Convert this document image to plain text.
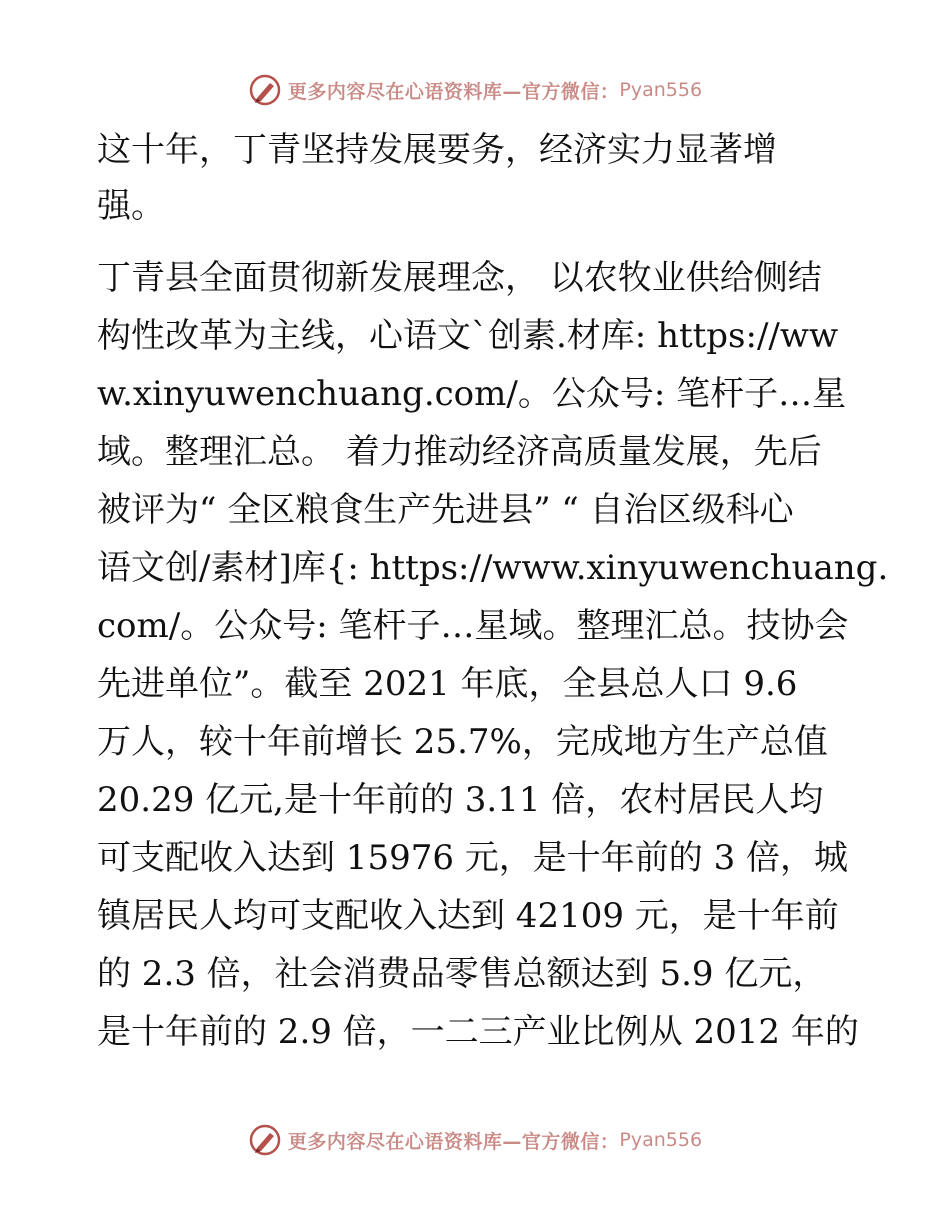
更多内容尽在心语资料库—官方微信： Pyan556
这十年，丁青坚持发展要务，经济实力显著增
强。
丁青县全面贯彻新发展理念， 以农牧业供给侧结
构性改革为主线，心语文`创素.材库: https://ww
w.xinyuwenchuang.com/。公众号: 笔杆子…星
域。整理汇总。 着力推动经济高质量发展，先后
被评为“ 全区粮食生产先进县” “ 自治区级科心
语文创/素材]库{: https://www.xinyuwenchuang.
com/。公众号: 笔杆子…星域。整理汇总。技协会
先进单位”。截至 2021 年底，全县总人口 9.6
万人，较十年前增长 25.7%，完成地方生产总值
20.29 亿元,是十年前的 3.11 倍，农村居民人均
可支配收入达到 15976 元，是十年前的 3 倍，城
镇居民人均可支配收入达到 42109 元，是十年前
的 2.3 倍，社会消费品零售总额达到 5.9 亿元，
是十年前的 2.9 倍，一二三产业比例从 2012 年的
更多内容尽在心语资料库—官方微信： Pyan556
